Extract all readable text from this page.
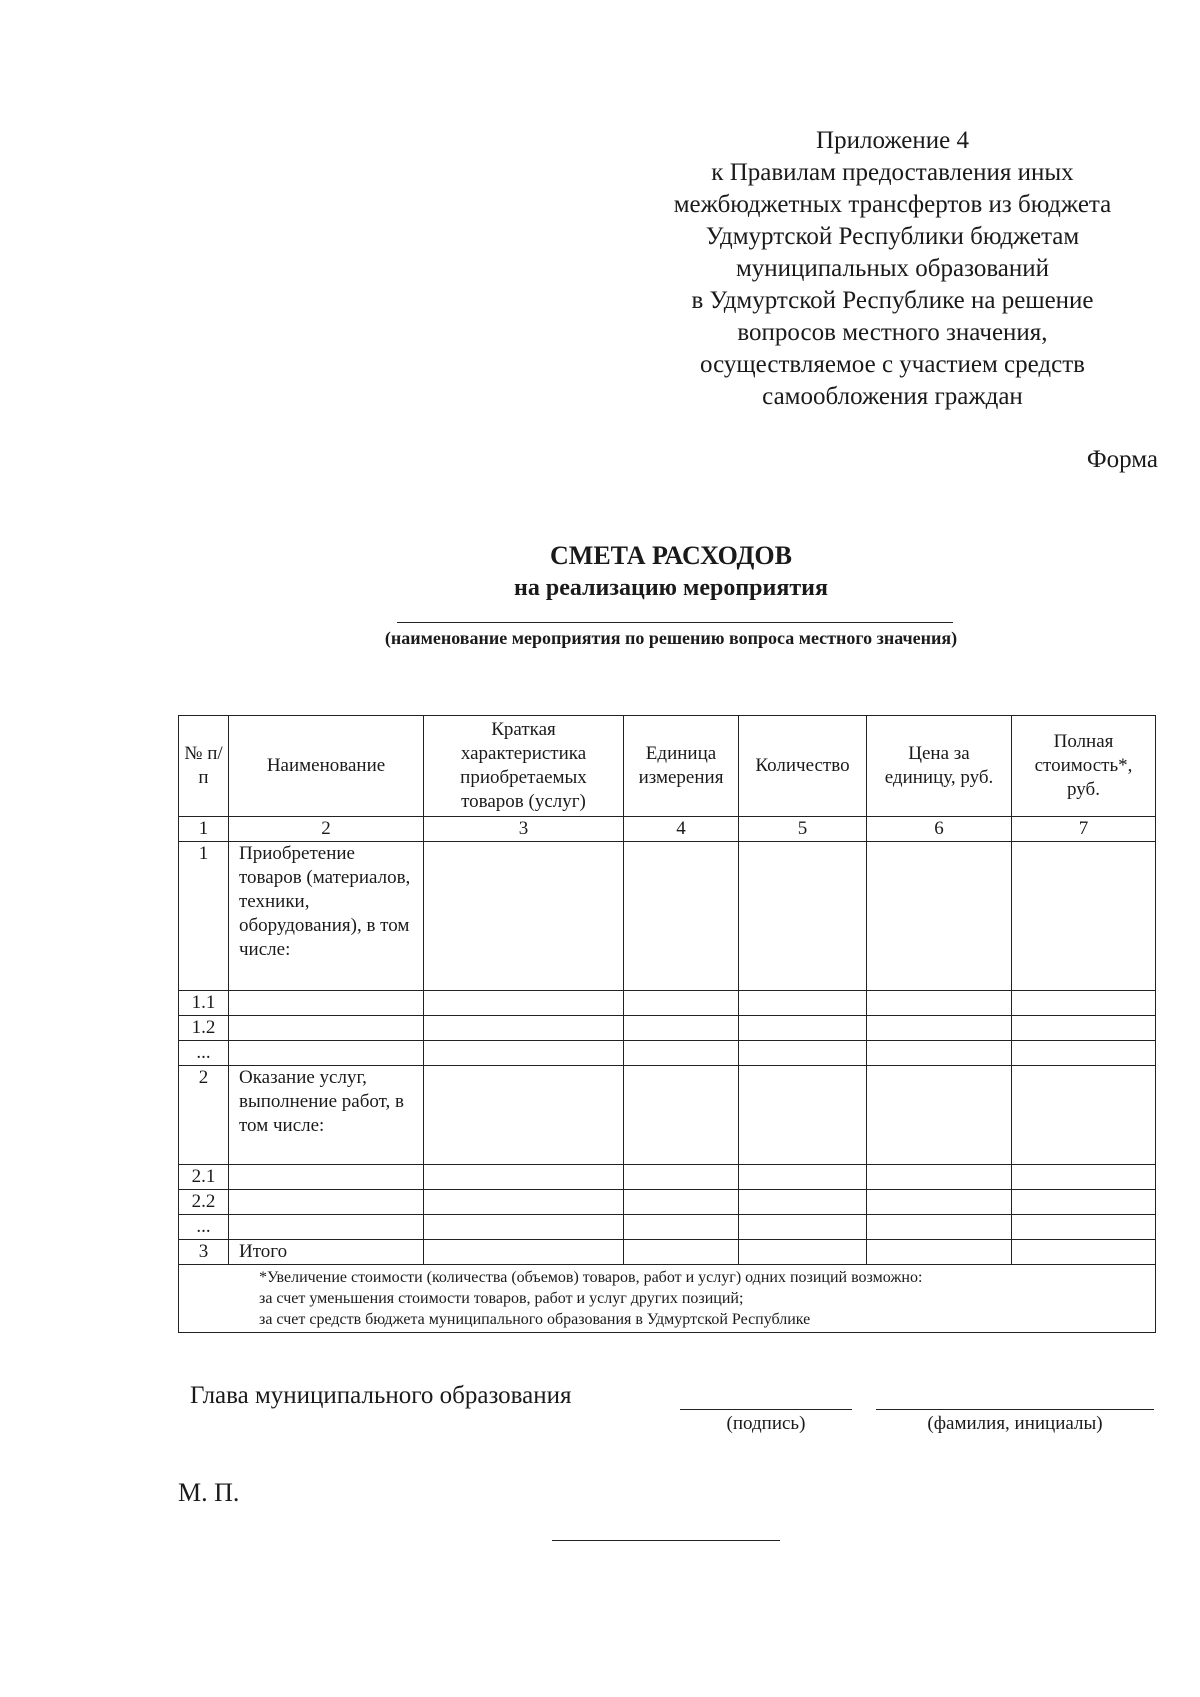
Приложение 4
к Правилам предоставления иных
межбюджетных трансфертов из бюджета
Удмуртской Республики бюджетам
муниципальных образований
в Удмуртской Республике на решение
вопросов местного значения,
осуществляемое с участием средств
самообложения граждан
Форма
СМЕТА РАСХОДОВ
на реализацию мероприятия
(наименование мероприятия по решению вопроса местного значения)
№ п/п	Наименование	Краткая характеристика приобретаемых товаров (услуг)	Единица измерения	Количество	Цена за единицу, руб.	Полная стоимость*, руб.
1	2	3	4	5	6	7
1	Приобретение товаров (материалов, техники, оборудования), в том числе:					
1.1						
1.2						
...						
2	Оказание услуг, выполнение работ, в том числе:					
2.1						
2.2						
...						
3	Итого					

*Увеличение стоимости (количества (объемов) товаров, работ и услуг) одних позиций возможно:
за счет уменьшения стоимости товаров, работ и услуг других позиций;
за счет средств бюджета муниципального образования в Удмуртской Республике						
Глава муниципального образования
(подпись)	(фамилия, инициалы)
М. П.
